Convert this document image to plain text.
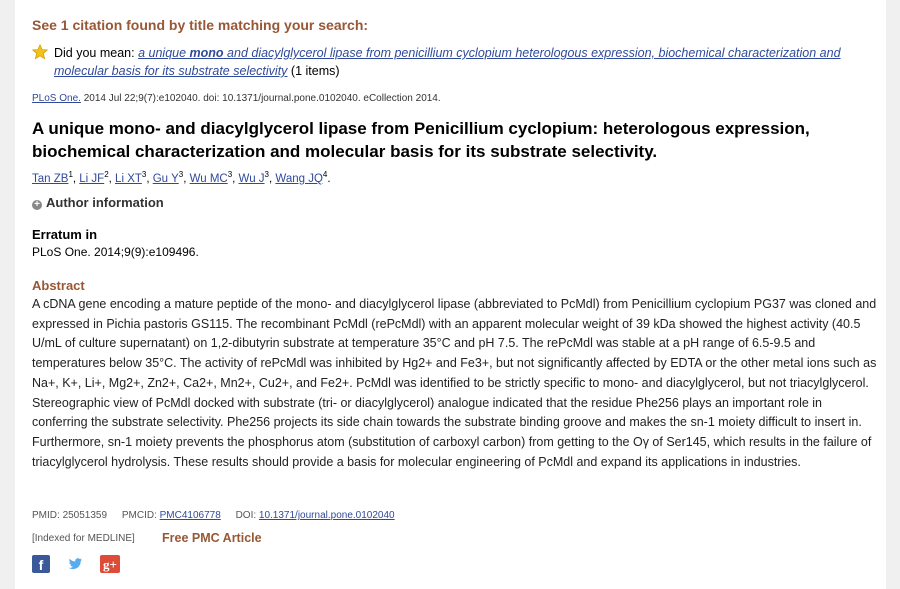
See 1 citation found by title matching your search:
Did you mean: a unique mono and diacylglycerol lipase from penicillium cyclopium heterologous expression, biochemical characterization and molecular basis for its substrate selectivity (1 items)
PLoS One. 2014 Jul 22;9(7):e102040. doi: 10.1371/journal.pone.0102040. eCollection 2014.
A unique mono- and diacylglycerol lipase from Penicillium cyclopium: heterologous expression, biochemical characterization and molecular basis for its substrate selectivity.
Tan $ZB^1$, Li $JF^2$, Li $XT^3$, Gu $Y^3$, Wu $MC^3$, Wu $J^3$, Wang $JQ^4$.
+ Author information
Erratum in
PLoS One. 2014;9(9):e109496.
Abstract
A cDNA gene encoding a mature peptide of the mono- and diacylglycerol lipase (abbreviated to PcMdl) from Penicillium cyclopium PG37 was cloned and expressed in Pichia pastoris GS115. The recombinant PcMdl (rePcMdl) with an apparent molecular weight of 39 kDa showed the highest activity (40.5 U/mL of culture supernatant) on 1,2-dibutyrin substrate at temperature 35°C and pH 7.5. The rePcMdl was stable at a pH range of 6.5-9.5 and temperatures below 35°C. The activity of rePcMdl was inhibited by Hg2+ and Fe3+, but not significantly affected by EDTA or the other metal ions such as Na+, K+, Li+, Mg2+, Zn2+, Ca2+, Mn2+, Cu2+, and Fe2+. PcMdl was identified to be strictly specific to mono- and diacylglycerol, but not triacylglycerol. Stereographic view of PcMdl docked with substrate (tri- or diacylglycerol) analogue indicated that the residue Phe256 plays an important role in conferring the substrate selectivity. Phe256 projects its side chain towards the substrate binding groove and makes the sn-1 moiety difficult to insert in. Furthermore, sn-1 moiety prevents the phosphorus atom (substitution of carboxyl carbon) from getting to the Oγ of Ser145, which results in the failure of triacylglycerol hydrolysis. These results should provide a basis for molecular engineering of PcMdl and expand its applications in industries.
PMID: 25051359 PMCID: PMC4106778 DOI: 10.1371/journal.pone.0102040
[Indexed for MEDLINE] Free PMC Article
f	g+
